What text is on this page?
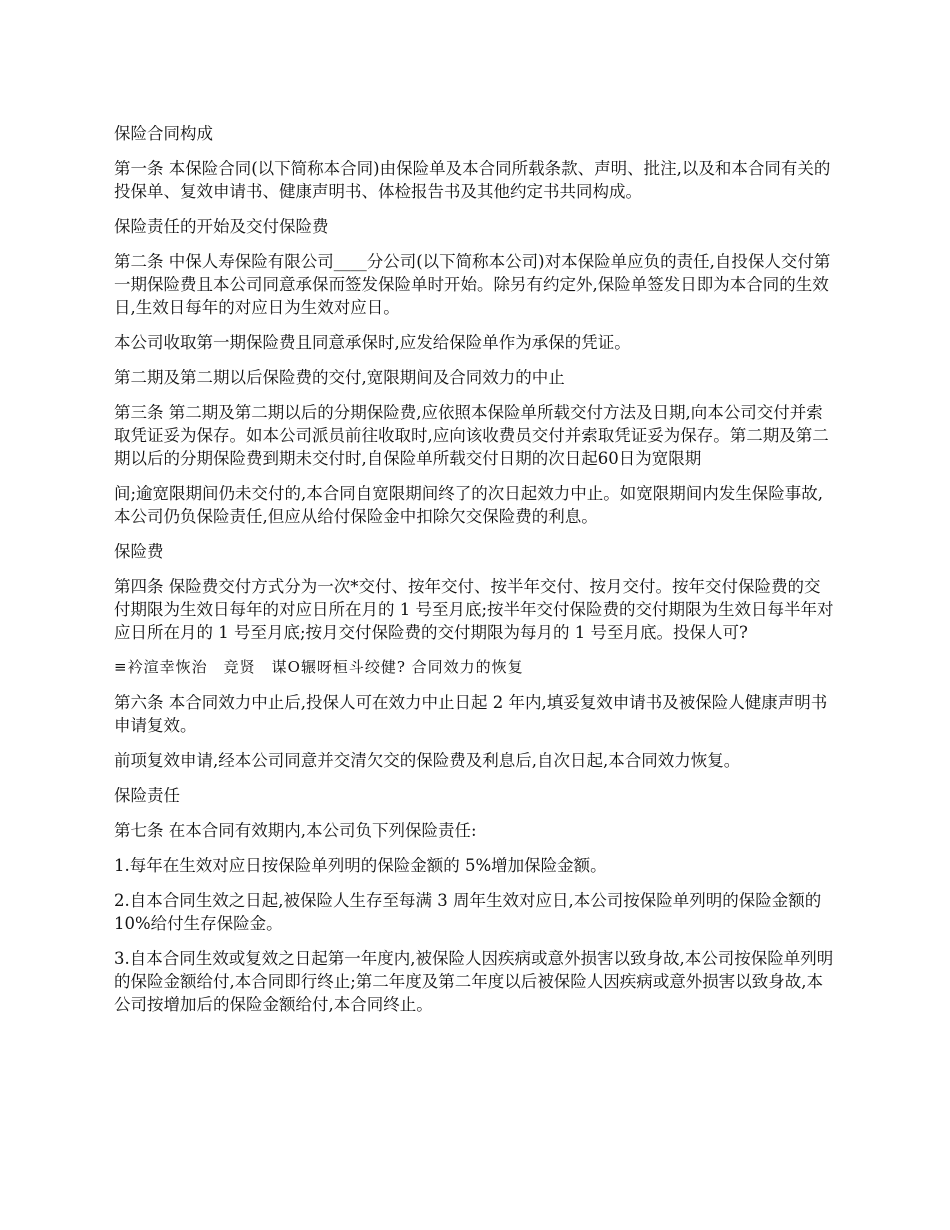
保险合同构成

第一条 本保险合同(以下简称本合同)由保险单及本合同所载条款、声明、批注,以及和本合同有关的投保单、复效申请书、健康声明书、体检报告书及其他约定书共同构成。

保险责任的开始及交付保险费

第二条 中保人寿保险有限公司____分公司(以下简称本公司)对本保险单应负的责任,自投保人交付第一期保险费且本公司同意承保而签发保险单时开始。除另有约定外,保险单签发日即为本合同的生效日,生效日每年的对应日为生效对应日。

本公司收取第一期保险费且同意承保时,应发给保险单作为承保的凭证。

第二期及第二期以后保险费的交付,宽限期间及合同效力的中止

第三条 第二期及第二期以后的分期保险费,应依照本保险单所载交付方法及日期,向本公司交付并索取凭证妥为保存。如本公司派员前往收取时,应向该收费员交付并索取凭证妥为保存。第二期及第二期以后的分期保险费到期未交付时,自保险单所载交付日期的次日起60日为宽限期

间;逾宽限期间仍未交付的,本合同自宽限期间终了的次日起效力中止。如宽限期间内发生保险事故,本公司仍负保险责任,但应从给付保险金中扣除欠交保险费的利息。

保险费

第四条 保险费交付方式分为一次*交付、按年交付、按半年交付、按月交付。按年交付保险费的交付期限为生效日每年的对应日所在月的 1 号至月底;按半年交付保险费的交付期限为生效日每半年对应日所在月的 1 号至月底;按月交付保险费的交付期限为每月的 1 号至月底。投保人可?

≡衿渲幸恢治　竞贤　谋O辗呀桓斗绞健? 合同效力的恢复

第六条 本合同效力中止后,投保人可在效力中止日起 2 年内,填妥复效申请书及被保险人健康声明书申请复效。

前项复效申请,经本公司同意并交清欠交的保险费及利息后,自次日起,本合同效力恢复。

保险责任

第七条 在本合同有效期内,本公司负下列保险责任:

1.每年在生效对应日按保险单列明的保险金额的 5%增加保险金额。

2.自本合同生效之日起,被保险人生存至每满 3 周年生效对应日,本公司按保险单列明的保险金额的 10%给付生存保险金。

3.自本合同生效或复效之日起第一年度内,被保险人因疾病或意外损害以致身故,本公司按保险单列明的保险金额给付,本合同即行终止;第二年度及第二年度以后被保险人因疾病或意外损害以致身故,本公司按增加后的保险金额给付,本合同终止。
